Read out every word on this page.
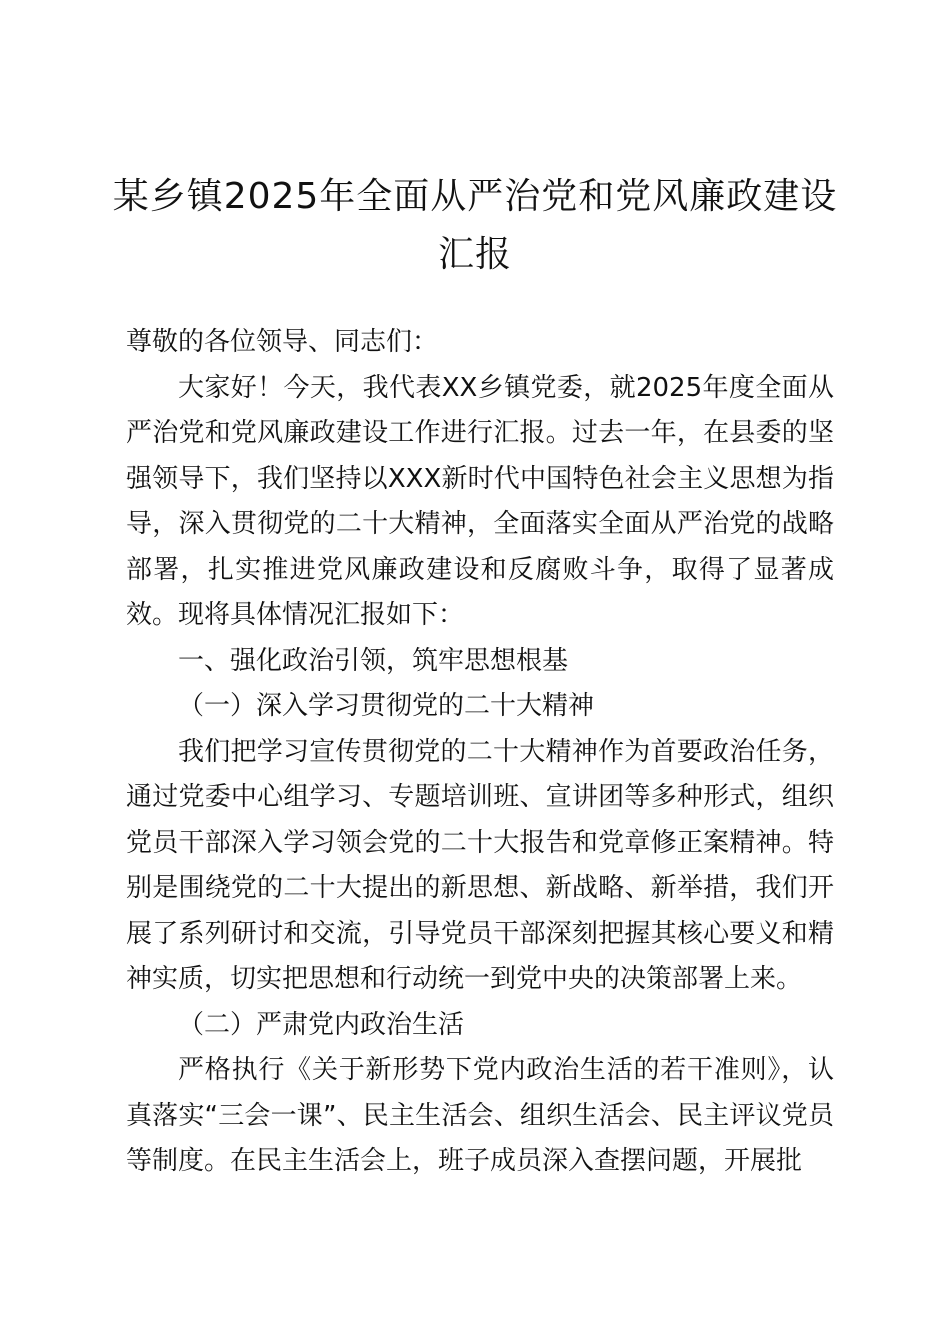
某乡镇2025年全面从严治党和党风廉政建设汇报

尊敬的各位领导、同志们：

大家好！今天，我代表XX乡镇党委，就2025年度全面从严治党和党风廉政建设工作进行汇报。过去一年，在县委的坚强领导下，我们坚持以XXX新时代中国特色社会主义思想为指导，深入贯彻党的二十大精神，全面落实全面从严治党的战略部署，扎实推进党风廉政建设和反腐败斗争，取得了显著成效。现将具体情况汇报如下：

一、强化政治引领，筑牢思想根基

（一）深入学习贯彻党的二十大精神

我们把学习宣传贯彻党的二十大精神作为首要政治任务，通过党委中心组学习、专题培训班、宣讲团等多种形式，组织党员干部深入学习领会党的二十大报告和党章修正案精神。特别是围绕党的二十大提出的新思想、新战略、新举措，我们开展了系列研讨和交流，引导党员干部深刻把握其核心要义和精神实质，切实把思想和行动统一到党中央的决策部署上来。

（二）严肃党内政治生活

严格执行《关于新形势下党内政治生活的若干准则》，认真落实“三会一课”、民主生活会、组织生活会、民主评议党员等制度。在民主生活会上，班子成员深入查摆问题，开展批
